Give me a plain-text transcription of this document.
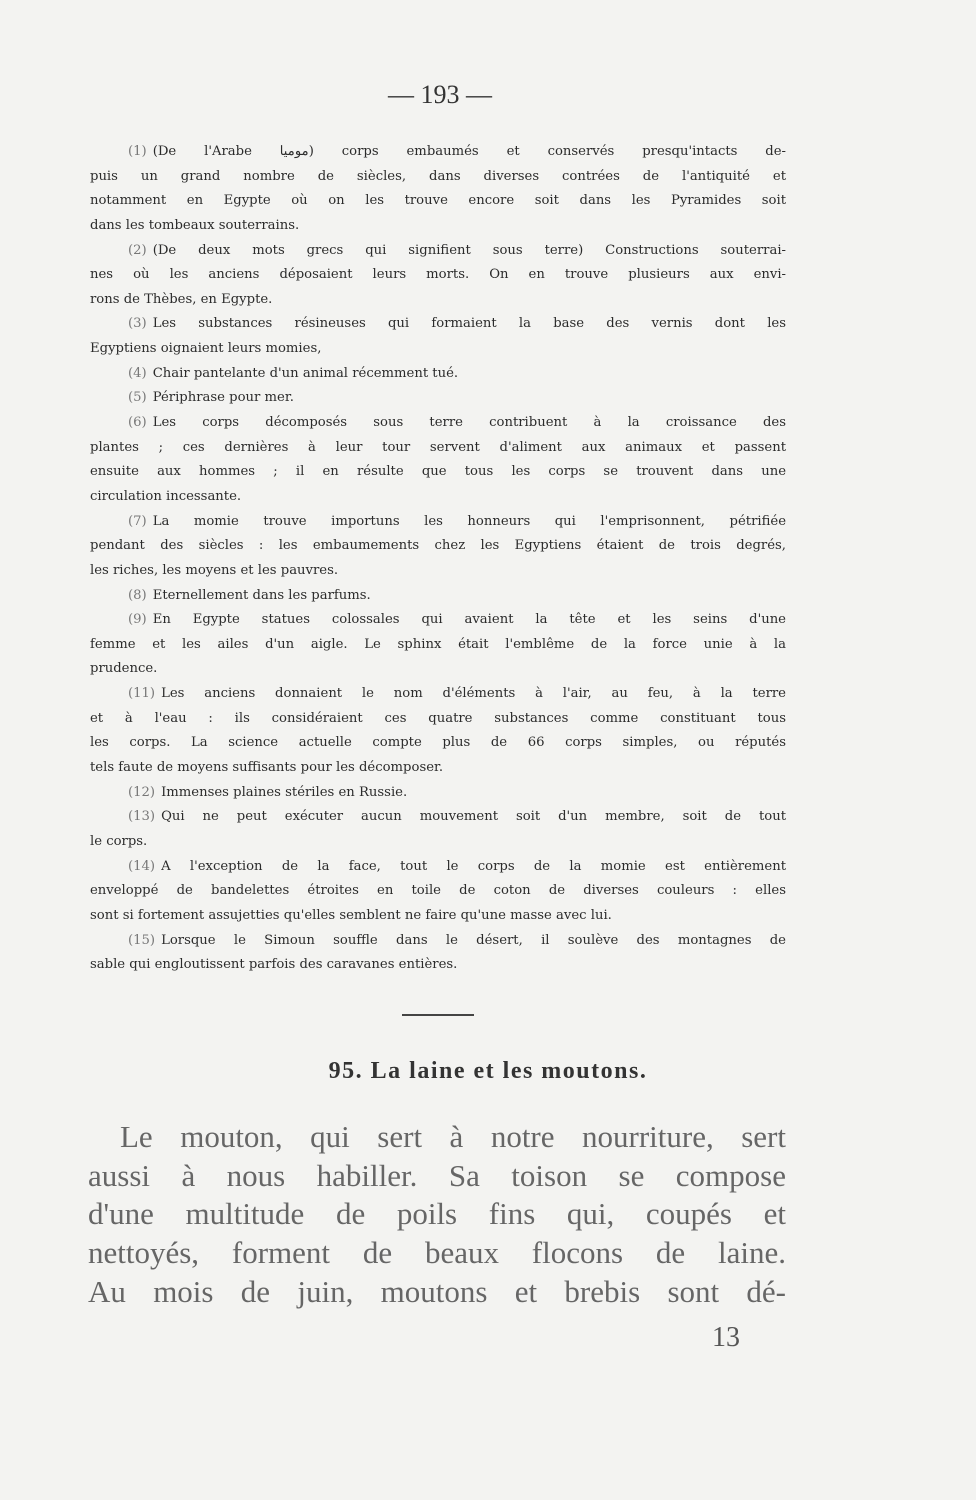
— 193 —
(1) (De l'Arabe موميا) corps embaumés et conservés presqu'intacts de-
puis un grand nombre de siècles, dans diverses contrées de l'antiquité et
notamment en Egypte où on les trouve encore soit dans les Pyramides soit
dans les tombeaux souterrains.
(2) (De deux mots grecs qui signifient sous terre) Constructions souterrai-
nes où les anciens déposaient leurs morts. On en trouve plusieurs aux envi-
rons de Thèbes, en Egypte.
(3) Les substances résineuses qui formaient la base des vernis dont les
Egyptiens oignaient leurs momies,
(4) Chair pantelante d'un animal récemment tué.
(5) Périphrase pour mer.
(6) Les corps décomposés sous terre contribuent à la croissance des
plantes ; ces dernières à leur tour servent d'aliment aux animaux et passent
ensuite aux hommes ; il en résulte que tous les corps se trouvent dans une
circulation incessante.
(7) La momie trouve importuns les honneurs qui l'emprisonnent, pétrifiée
pendant des siècles : les embaumements chez les Egyptiens étaient de trois degrés,
les riches, les moyens et les pauvres.
(8) Eternellement dans les parfums.
(9) En Egypte statues colossales qui avaient la tête et les seins d'une
femme et les ailes d'un aigle. Le sphinx était l'emblême de la force unie à la
prudence.
(11) Les anciens donnaient le nom d'éléments à l'air, au feu, à la terre
et à l'eau : ils considéraient ces quatre substances comme constituant tous
les corps. La science actuelle compte plus de 66 corps simples, ou réputés
tels faute de moyens suffisants pour les décomposer.
(12) Immenses plaines stériles en Russie.
(13) Qui ne peut exécuter aucun mouvement soit d'un membre, soit de tout
le corps.
(14) A l'exception de la face, tout le corps de la momie est entièrement
enveloppé de bandelettes étroites en toile de coton de diverses couleurs : elles
sont si fortement assujetties qu'elles semblent ne faire qu'une masse avec lui.
(15) Lorsque le Simoun souffle dans le désert, il soulève des montagnes de
sable qui engloutissent parfois des caravanes entières.
95. La laine et les moutons.
Le mouton, qui sert à notre nourriture, sert
aussi à nous habiller. Sa toison se compose
d'une multitude de poils fins qui, coupés et
nettoyés, forment de beaux flocons de laine.
Au mois de juin, moutons et brebis sont dé-
13
